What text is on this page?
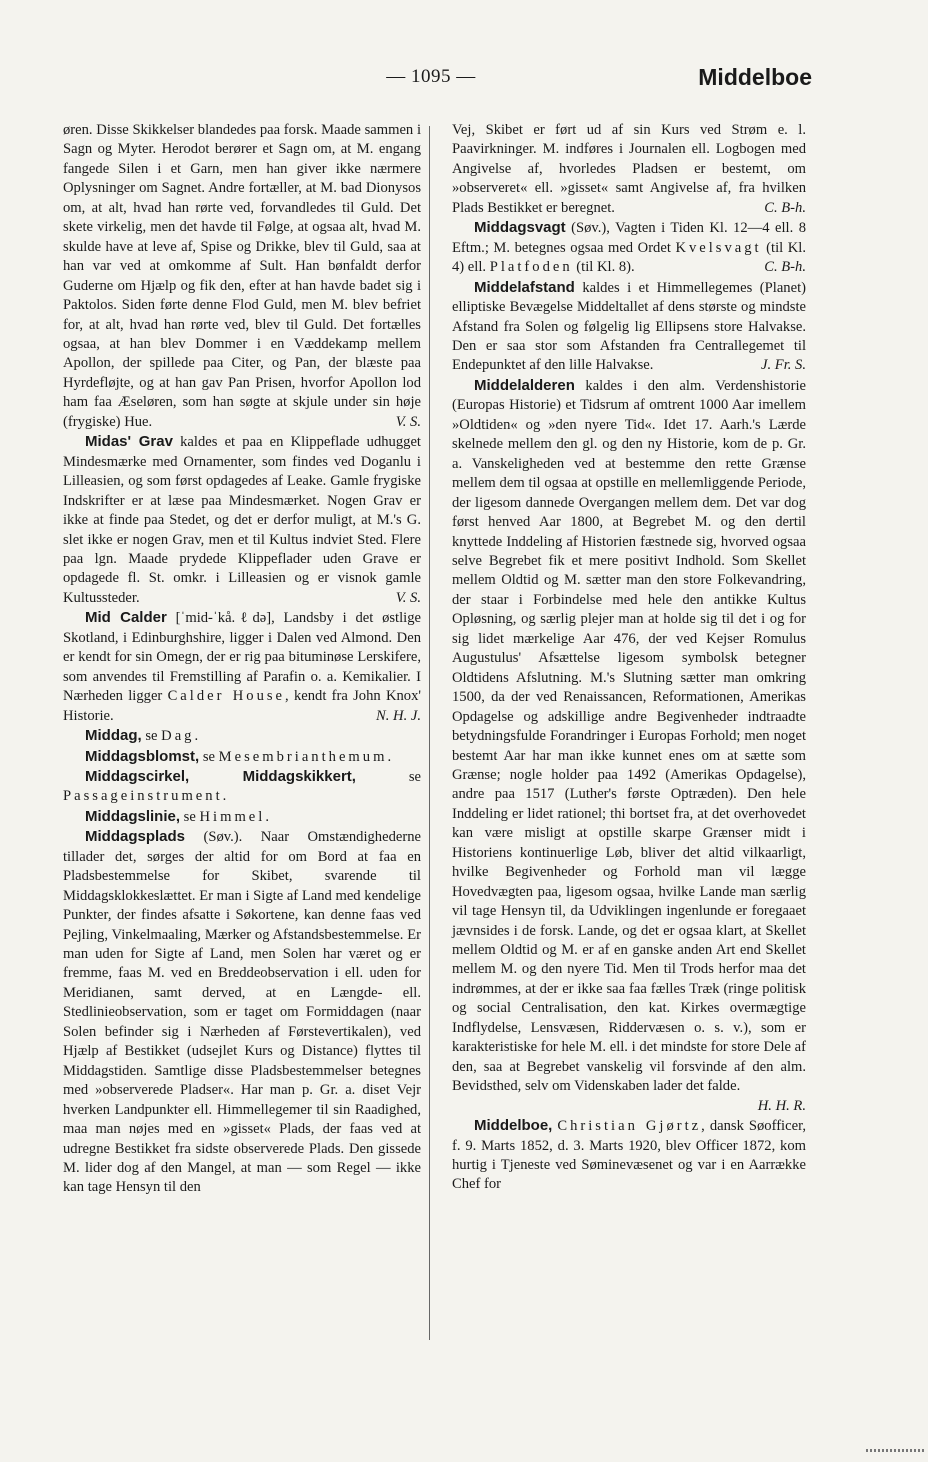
— 1095 —	Middelboe

øren. Disse Skikkelser blandedes paa forsk. Maade sammen i Sagn og Myter. Herodot berører et Sagn om, at M. engang fangede Silen i et Garn, men han giver ikke nærmere Oplysninger om Sagnet. Andre fortæller, at M. bad Dionysos om, at alt, hvad han rørte ved, forvandledes til Guld. Det skete virkelig, men det havde til Følge, at ogsaa alt, hvad M. skulde have at leve af, Spise og Drikke, blev til Guld, saa at han var ved at omkomme af Sult. Han bønfaldt derfor Guderne om Hjælp og fik den, efter at han havde badet sig i Paktolos. Siden førte denne Flod Guld, men M. blev befriet for, at alt, hvad han rørte ved, blev til Guld. Det fortælles ogsaa, at han blev Dommer i en Væddekamp mellem Apollon, der spillede paa Citer, og Pan, der blæste paa Hyrdefløjte, og at han gav Pan Prisen, hvorfor Apollon lod ham faa Æseløren, som han søgte at skjule under sin høje (frygiske) Hue.	V. S.

Midas' Grav kaldes et paa en Klippeflade udhugget Mindesmærke med Ornamenter, som findes ved Doganlu i Lilleasien, og som først opdagedes af Leake. Gamle frygiske Indskrifter er at læse paa Mindesmærket. Nogen Grav er ikke at finde paa Stedet, og det er derfor muligt, at M.'s G. slet ikke er nogen Grav, men et til Kultus indviet Sted. Flere paa lgn. Maade prydede Klippeflader uden Grave er opdagede fl. St. omkr. i Lilleasien og er visnok gamle Kultussteder.	V. S.

Mid Calder [ˈmid-ˈkå.ℓdə], Landsby i det østlige Skotland, i Edinburghshire, ligger i Dalen ved Almond. Den er kendt for sin Omegn, der er rig paa bituminøse Lerskifere, som anvendes til Fremstilling af Parafin o. a. Kemikalier. I Nærheden ligger Calder House, kendt fra John Knox' Historie.	N. H. J.

Middag, se Dag.

Middagsblomst, se Mesembrianthemum.

Middagscirkel, Middagskikkert,	se Passageinstrument.

Middagslinie, se Himmel.

Middagsplads (Søv.). Naar Omstændighederne tillader det, sørges der altid for om Bord at faa en Pladsbestemmelse for Skibet, svarende til Middagsklokkeslættet. Er man i Sigte af Land med kendelige Punkter, der findes afsatte i Søkortene, kan denne faas ved Pejling, Vinkelmaaling, Mærker og Afstandsbestemmelse. Er man uden for Sigte af Land, men Solen har været og er fremme, faas M. ved en Breddeobservation i ell. uden for Meridianen, samt derved, at en Længde- ell. Stedlinieobservation, som er taget om Formiddagen (naar Solen befinder sig i Nærheden af Førstevertikalen), ved Hjælp af Bestikket (udsejlet Kurs og Distance) flyttes til Middagstiden. Samtlige disse Pladsbestemmelser betegnes med »observerede Pladser«. Har man p. Gr. a. diset Vejr hverken Landpunkter ell. Himmellegemer til sin Raadighed, maa man nøjes med en »gisset« Plads, der faas ved at udregne Bestikket fra sidste observerede Plads. Den gissede M. lider dog af den Mangel, at man — som Regel — ikke kan tage Hensyn til den

Vej, Skibet er ført ud af sin Kurs ved Strøm e. l. Paavirkninger. M. indføres i Journalen ell. Logbogen med Angivelse af, hvorledes Pladsen er bestemt, om »observeret« ell. »gisset« samt Angivelse af, fra hvilken Plads Bestikket er beregnet.	C. B-h.

Middagsvagt (Søv.), Vagten i Tiden Kl. 12—4 ell. 8 Eftm.; M. betegnes ogsaa med Ordet Kvelsvagt (til Kl. 4) ell. Platfoden (til Kl. 8).	C. B-h.

Middelafstand kaldes i et Himmellegemes (Planet) elliptiske Bevægelse Middeltallet af dens største og mindste Afstand fra Solen og følgelig lig Ellipsens store Halvakse. Den er saa stor som Afstanden fra Centrallegemet til Endepunktet af den lille Halvakse.	J. Fr. S.

Middelalderen kaldes i den alm. Verdenshistorie (Europas Historie) et Tidsrum af omtrent 1000 Aar imellem »Oldtiden« og »den nyere Tid«. Idet 17. Aarh.'s Lærde skelnede mellem den gl. og den ny Historie, kom de p. Gr. a. Vanskeligheden ved at bestemme den rette Grænse mellem dem til ogsaa at opstille en mellemliggende Periode, der ligesom dannede Overgangen mellem dem. Det var dog først henved Aar 1800, at Begrebet M. og den dertil knyttede Inddeling af Historien fæstnede sig, hvorved ogsaa selve Begrebet fik et mere positivt Indhold. Som Skellet mellem Oldtid og M. sætter man den store Folkevandring, der staar i Forbindelse med hele den antikke Kultus Opløsning, og særlig plejer man at holde sig til det i og for sig lidet mærkelige Aar 476, der ved Kejser Romulus Augustulus' Afsættelse ligesom symbolsk betegner Oldtidens Afslutning. M.'s Slutning sætter man omkring 1500, da der ved Renaissancen, Reformationen, Amerikas Opdagelse og adskillige andre Begivenheder indtraadte betydningsfulde Forandringer i Europas Forhold; men noget bestemt Aar har man ikke kunnet enes om at sætte som Grænse; nogle holder paa 1492 (Amerikas Opdagelse), andre paa 1517 (Luther's første Optræden). Den hele Inddeling er lidet rationel; thi bortset fra, at det overhovedet kan være misligt at opstille skarpe Grænser midt i Historiens kontinuerlige Løb, bliver det altid vilkaarligt, hvilke Begivenheder og Forhold man vil lægge Hovedvægten paa, ligesom ogsaa, hvilke Lande man særlig vil tage Hensyn til, da Udviklingen ingenlunde er foregaaet jævnsides i de forsk. Lande, og det er ogsaa klart, at Skellet mellem Oldtid og M. er af en ganske anden Art end Skellet mellem M. og den nyere Tid. Men til Trods herfor maa det indrømmes, at der er ikke saa faa fælles Træk (ringe politisk og social Centralisation, den kat. Kirkes overmægtige Indflydelse, Lensvæsen, Riddervæsen o. s. v.), som er karakteristiske for hele M. ell. i det mindste for store Dele af den, saa at Begrebet vanskelig vil forsvinde af den alm. Bevidsthed, selv om Videnskaben lader det falde.
H. H. R.

Middelboe, Christian Gjørtz, dansk Søofficer, f. 9. Marts 1852, d. 3. Marts 1920, blev Officer 1872, kom hurtig i Tjeneste ved Søminevæsenet og var i en Aarrække Chef for
